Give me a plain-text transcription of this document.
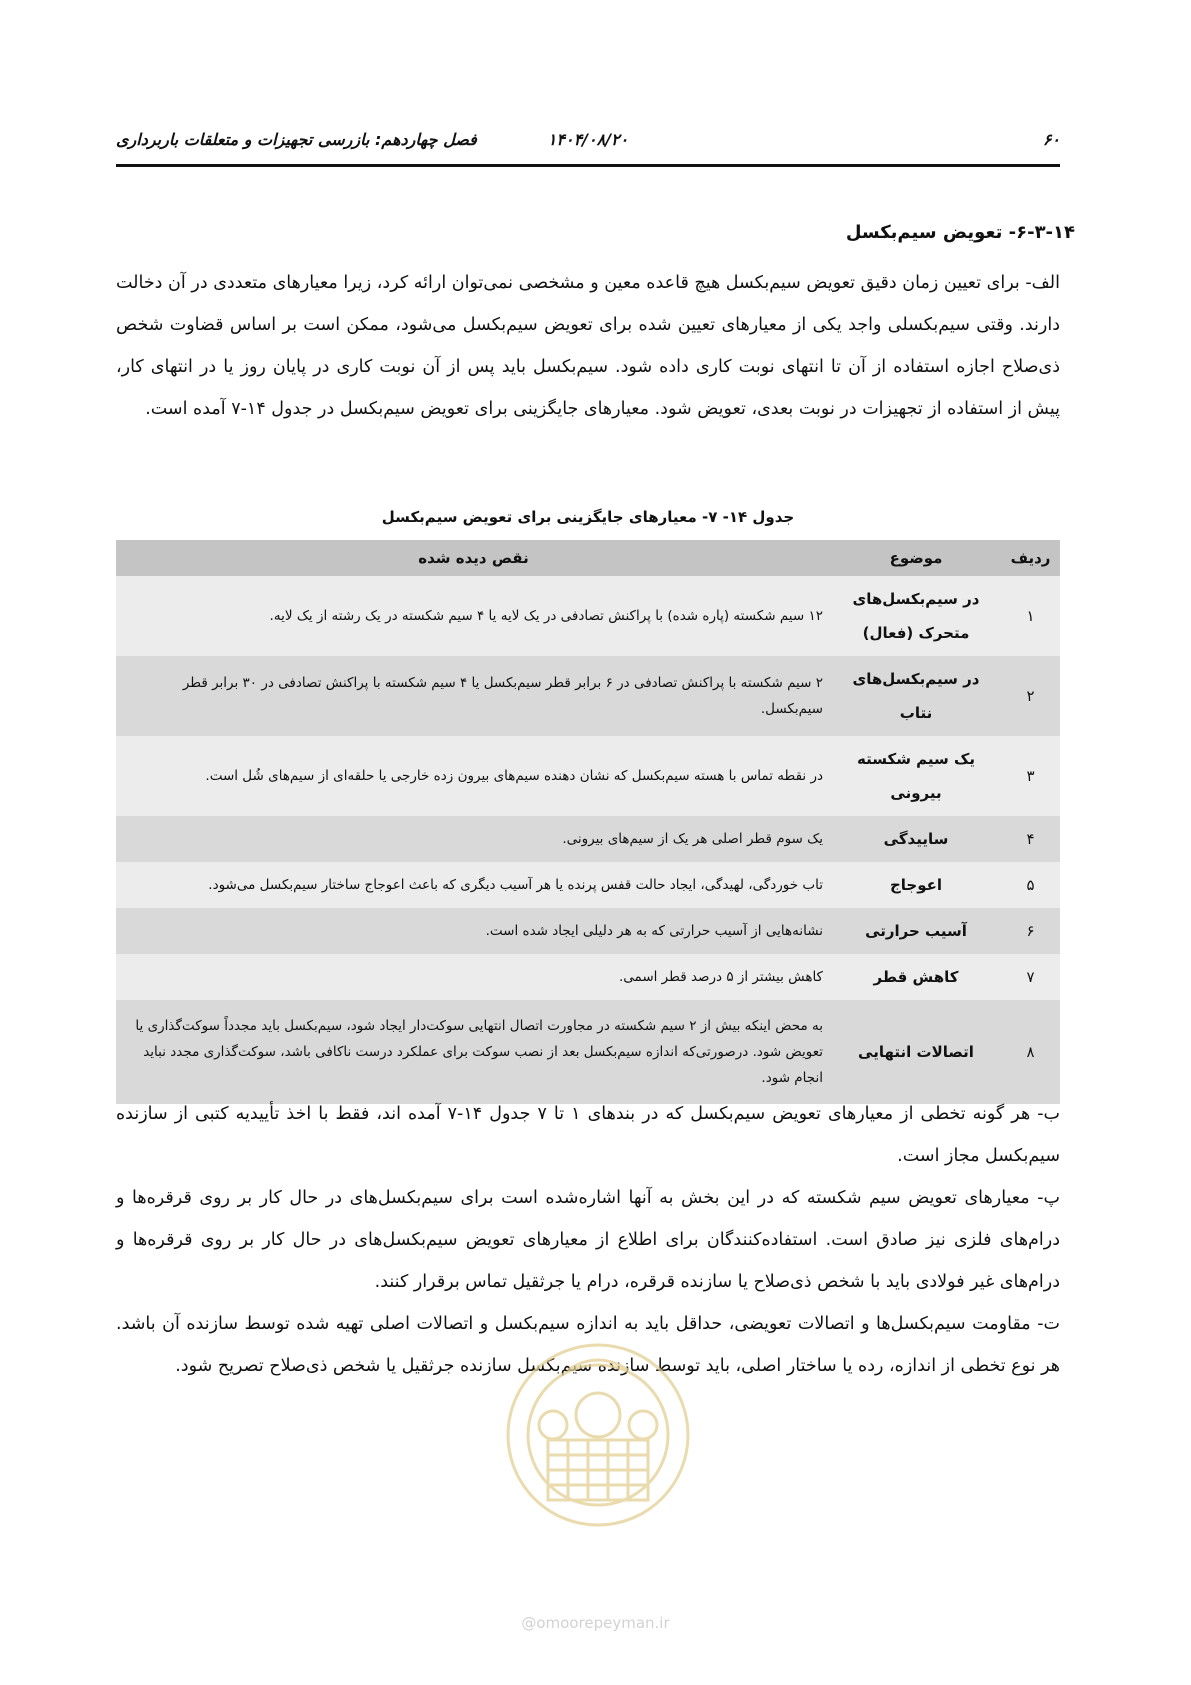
۶۰
۱۴۰۴/۰۸/۲۰
فصل چهاردهم: بازرسی تجهیزات و متعلقات باربرداری
۶-۳-۱۴- تعویض سیم‌بکسل

الف- برای تعیین زمان دقیق تعویض سیم‌بکسل هیچ قاعده معین و مشخصی نمی‌توان ارائه کرد، زیرا معیارهای متعددی در آن دخالت دارند. وقتی سیم‌بکسلی واجد یکی از معیارهای تعیین شده برای تعویض سیم‌بکسل می‌شود، ممکن است بر اساس قضاوت شخص ذی‌صلاح اجازه استفاده از آن تا انتهای نوبت کاری داده شود. سیم‌بکسل باید پس از آن نوبت کاری در پایان روز یا در انتهای کار، پیش از استفاده از تجهیزات در نوبت بعدی، تعویض شود. معیارهای جایگزینی برای تعویض سیم‌بکسل در جدول ۱۴-۷ آمده است.

جدول ۱۴- ۷- معیارهای جایگزینی برای تعویض سیم‌بکسل
ردیف	موضوع	نقص دیده شده
۱	در سیم‌بکسل‌های متحرک (فعال)	۱۲ سیم شکسته (پاره شده) با پراکنش تصادفی در یک لایه یا ۴ سیم شکسته در یک رشته از یک لایه.
۲	در سیم‌بکسل‌های نتاب	۲ سیم شکسته با پراکنش تصادفی در ۶ برابر قطر سیم‌بکسل یا ۴ سیم شکسته با پراکنش تصادفی در ۳۰ برابر قطر سیم‌بکسل.
۳	یک سیم شکسته بیرونی	در نقطه تماس با هسته سیم‌بکسل که نشان دهنده سیم‌های بیرون زده خارجی یا حلقه‌ای از سیم‌های شُل است.
۴	ساییدگی	یک سوم قطر اصلی هر یک از سیم‌های بیرونی.
۵	اعوجاج	تاب خوردگی، لهیدگی، ایجاد حالت قفس پرنده یا هر آسیب دیگری که باعث اعوجاج ساختار سیم‌بکسل می‌شود.
۶	آسیب حرارتی	نشانه‌هایی از آسیب حرارتی که به هر دلیلی ایجاد شده است.
۷	کاهش قطر	کاهش بیشتر از ۵ درصد قطر اسمی.
۸	اتصالات انتهایی	به محض اینکه بیش از ۲ سیم شکسته در مجاورت اتصال انتهایی سوکت‌دار ایجاد شود، سیم‌بکسل باید مجدداً سوکت‌گذاری یا تعویض شود. درصورتی‌که اندازه سیم‌بکسل بعد از نصب سوکت برای عملکرد درست ناکافی باشد، سوکت‌گذاری مجدد نباید انجام شود.

ب- هر گونه تخطی از معیارهای تعویض سیم‌بکسل که در بندهای ۱ تا ۷ جدول ۱۴-۷ آمده اند، فقط با اخذ تأییدیه کتبی از سازنده سیم‌بکسل مجاز است.

پ- معیارهای تعویض سیم شکسته که در این بخش به آنها اشاره‌شده است برای سیم‌بکسل‌های در حال کار بر روی قرقره‌ها و درام‌های فلزی نیز صادق است. استفاده‌کنندگان برای اطلاع از معیارهای تعویض سیم‌بکسل‌های در حال کار بر روی قرقره‌ها و درام‌های غیر فولادی باید با شخص ذی‌صلاح یا سازنده قرقره، درام یا جرثقیل تماس برقرار کنند.

ت- مقاومت سیم‌بکسل‌ها و اتصالات تعویضی، حداقل باید به اندازه سیم‌بکسل و اتصالات اصلی تهیه شده توسط سازنده آن باشد. هر نوع تخطی از اندازه، رده یا ساختار اصلی، باید توسط سازنده سیم‌بکسل سازنده جرثقیل یا شخص ذی‌صلاح تصریح شود.

@omoorepeyman.ir
